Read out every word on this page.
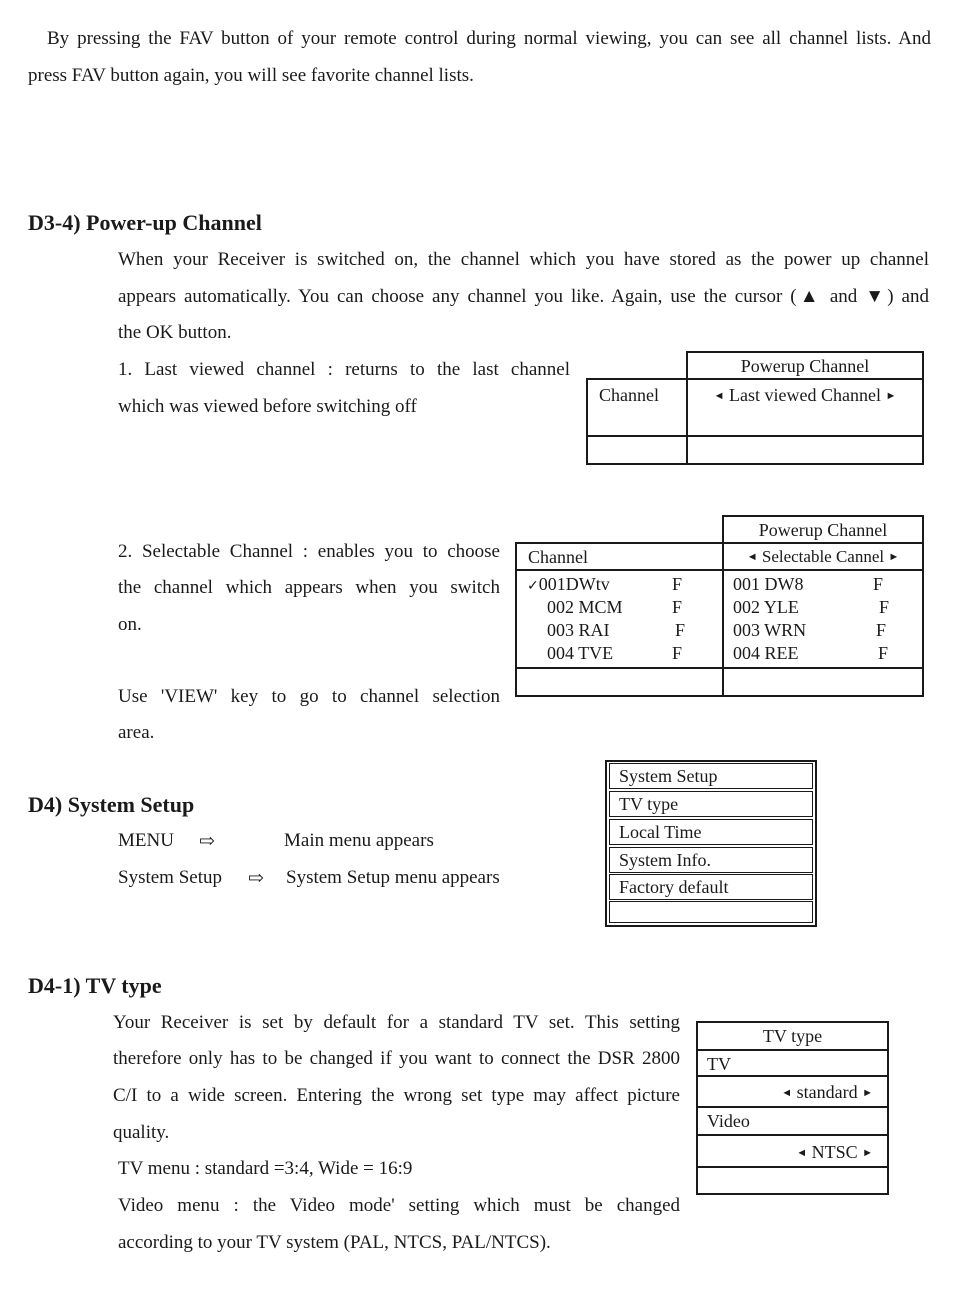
By pressing the FAV button of your remote control during normal viewing, you can see all channel lists. And
press FAV button again, you will see favorite channel lists.
D3-4) Power-up Channel
When your Receiver is switched on, the channel which you have stored as the power up channel
appears automatically. You can choose any channel you like. Again, use the cursor (▲ and ▼) and
the OK button.
1. Last viewed channel : returns to the last channel
which was viewed before switching off
Powerup Channel
Channel	◄ Last viewed Channel ►
2. Selectable Channel : enables you to choose
the channel which appears when you switch
on.
Use 'VIEW' key to go to channel selection
area.
Powerup Channel
Channel	◄ Selectable Cannel ►
✓001DWtv	F
002 MCM	F
003 RAI	F
004 TVE	F
001 DW8	F
002 YLE	F
003 WRN	F
004 REE	F
D4) System Setup
MENU ⇨	Main menu appears
System Setup ⇨ System Setup menu appears
System Setup
TV type
Local Time
System Info.
Factory default
D4-1) TV type
Your Receiver is set by default for a standard TV set. This setting
therefore only has to be changed if you want to connect the DSR 2800
C/I to a wide screen. Entering the wrong set type may affect picture
quality.
TV menu : standard =3:4, Wide = 16:9
Video menu : the Video mode' setting which must be changed
according to your TV system (PAL, NTCS, PAL/NTCS).
TV type
TV
◄ standard ►
Video
◄ NTSC ►
